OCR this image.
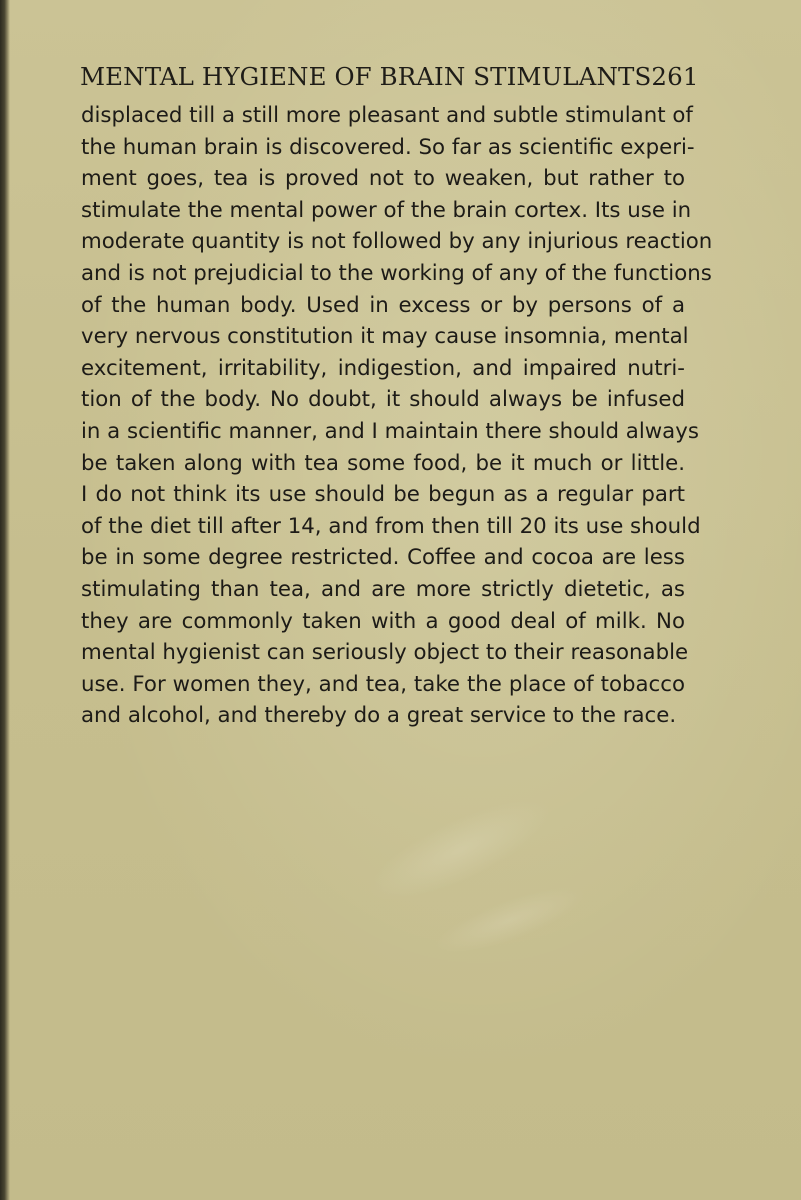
MENTAL HYGIENE OF BRAIN STIMULANTS 261
displaced till a still more pleasant and subtle stimulant of
the human brain is discovered. So far as scientific experi-
ment goes, tea is proved not to weaken, but rather to
stimulate the mental power of the brain cortex. Its use in
moderate quantity is not followed by any injurious reaction
and is not prejudicial to the working of any of the functions
of the human body. Used in excess or by persons of a
very nervous constitution it may cause insomnia, mental
excitement, irritability, indigestion, and impaired nutri-
tion of the body. No doubt, it should always be infused
in a scientific manner, and I maintain there should always
be taken along with tea some food, be it much or little.
I do not think its use should be begun as a regular part
of the diet till after 14, and from then till 20 its use should
be in some degree restricted. Coffee and cocoa are less
stimulating than tea, and are more strictly dietetic, as
they are commonly taken with a good deal of milk. No
mental hygienist can seriously object to their reasonable
use. For women they, and tea, take the place of tobacco
and alcohol, and thereby do a great service to the race.
